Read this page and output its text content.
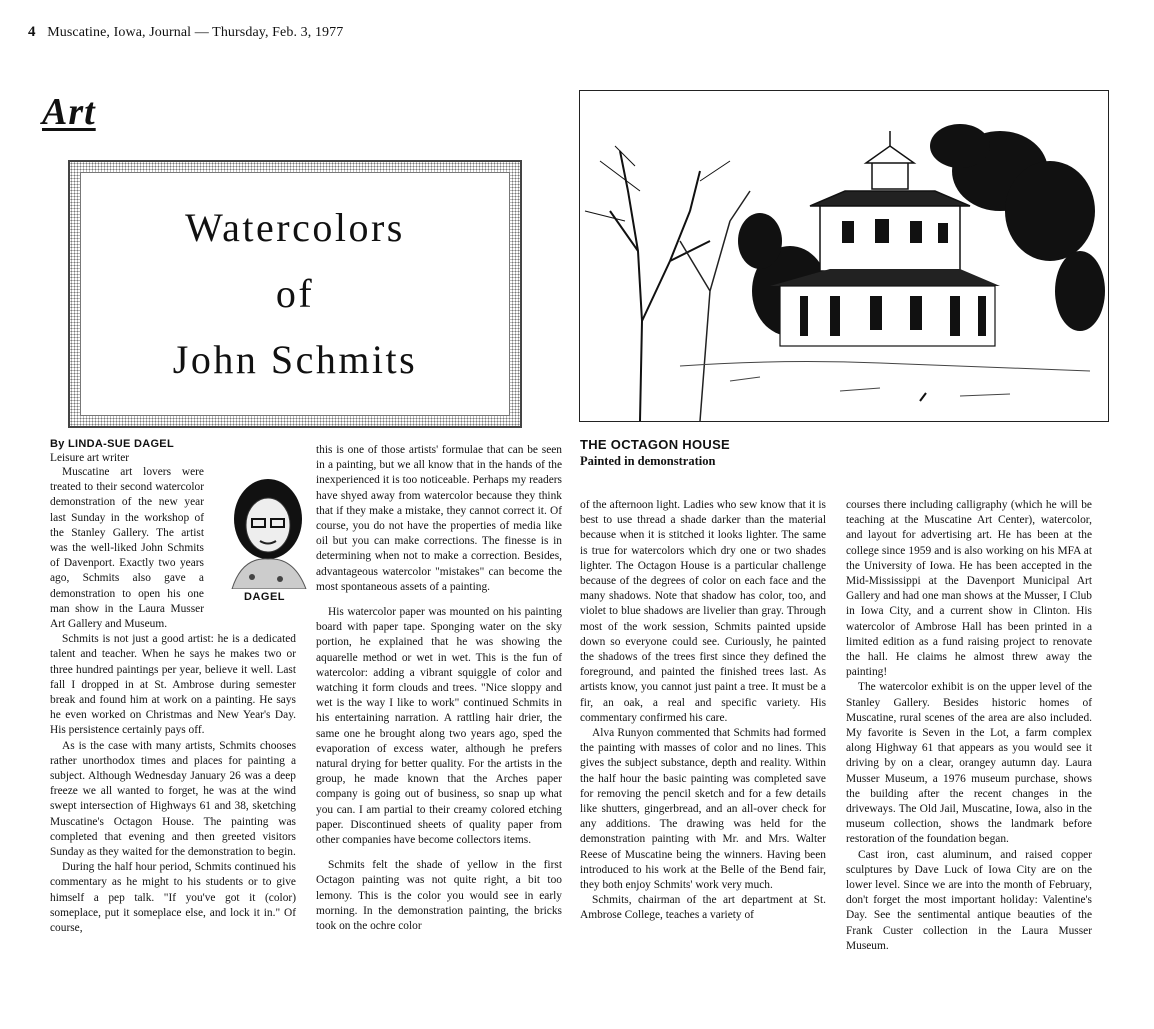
4 Muscatine, Iowa, Journal — Thursday, Feb. 3, 1977
Art
Watercolors
of
John Schmits
THE OCTAGON HOUSE
Painted in demonstration
By LINDA-SUE DAGEL
Leisure art writer

DAGEL
Muscatine art lovers were treated to their second watercolor demonstration of the new year last Sunday in the workshop of the Stanley Gallery. The artist was the well-liked John Schmits of Davenport. Exactly two years ago, Schmits also gave a demonstration to open his one man show in the Laura Musser Art Gallery and Museum.

Schmits is not just a good artist: he is a dedicated talent and teacher. When he says he makes two or three hundred paintings per year, believe it well. Last fall I dropped in at St. Ambrose during semester break and found him at work on a painting. He says he even worked on Christmas and New Year's Day. His persistence certainly pays off.

As is the case with many artists, Schmits chooses rather unorthodox times and places for painting a subject. Although Wednesday January 26 was a deep freeze we all wanted to forget, he was at the wind swept intersection of Highways 61 and 38, sketching Muscatine's Octagon House. The painting was completed that evening and then greeted visitors Sunday as they waited for the demonstration to begin.

During the half hour period, Schmits continued his commentary as he might to his students or to give himself a pep talk. "If you've got it (color) someplace, put it someplace else, and lock it in." Of course,

this is one of those artists' formulae that can be seen in a painting, but we all know that in the hands of the inexperienced it is too noticeable. Perhaps my readers have shyed away from watercolor because they think that if they make a mistake, they cannot correct it. Of course, you do not have the properties of media like oil but you can make corrections. The finesse is in determining when not to make a correction. Besides, advantageous watercolor "mistakes" can become the most spontaneous assets of a painting.

His watercolor paper was mounted on his painting board with paper tape. Sponging water on the sky portion, he explained that he was showing the aquarelle method or wet in wet. This is the fun of watercolor: adding a vibrant squiggle of color and watching it form clouds and trees. "Nice sloppy and wet is the way I like to work" continued Schmits in his entertaining narration. A rattling hair drier, the same one he brought along two years ago, sped the evaporation of excess water, although he prefers natural drying for better quality. For the artists in the group, he made known that the Arches paper company is going out of business, so snap up what you can. I am partial to their creamy colored etching paper. Discontinued sheets of quality paper from other companies have become collectors items.

Schmits felt the shade of yellow in the first Octagon painting was not quite right, a bit too lemony. This is the color you would see in early morning. In the demonstration painting, the bricks took on the ochre color

of the afternoon light. Ladies who sew know that it is best to use thread a shade darker than the material because when it is stitched it looks lighter. The same is true for watercolors which dry one or two shades lighter. The Octagon House is a particular challenge because of the degrees of color on each face and the many shadows. Note that shadow has color, too, and violet to blue shadows are livelier than gray. Through most of the work session, Schmits painted upside down so everyone could see. Curiously, he painted the shadows of the trees first since they defined the foreground, and painted the finished trees last. As artists know, you cannot just paint a tree. It must be a fir, an oak, a real and specific variety. His commentary confirmed his care.

Alva Runyon commented that Schmits had formed the painting with masses of color and no lines. This gives the subject substance, depth and reality. Within the half hour the basic painting was completed save for removing the pencil sketch and for a few details like shutters, gingerbread, and an all-over check for any additions. The drawing was held for the demonstration painting with Mr. and Mrs. Walter Reese of Muscatine being the winners. Having been introduced to his work at the Belle of the Bend fair, they both enjoy Schmits' work very much.

Schmits, chairman of the art department at St. Ambrose College, teaches a variety of

courses there including calligraphy (which he will be teaching at the Muscatine Art Center), watercolor, and layout for advertising art. He has been at the college since 1959 and is also working on his MFA at the University of Iowa. He has been accepted in the Mid-Mississippi at the Davenport Municipal Art Gallery and had one man shows at the Musser, I Club in Iowa City, and a current show in Clinton. His watercolor of Ambrose Hall has been printed in a limited edition as a fund raising project to renovate the hall. He claims he almost threw away the painting!

The watercolor exhibit is on the upper level of the Stanley Gallery. Besides historic homes of Muscatine, rural scenes of the area are also included. My favorite is Seven in the Lot, a farm complex along Highway 61 that appears as you would see it driving by on a clear, orangey autumn day. Laura Musser Museum, a 1976 museum purchase, shows the building after the recent changes in the driveways. The Old Jail, Muscatine, Iowa, also in the museum collection, shows the landmark before restoration of the foundation began.

Cast iron, cast aluminum, and raised copper sculptures by Dave Luck of Iowa City are on the lower level. Since we are into the month of February, don't forget the most important holiday: Valentine's Day. See the sentimental antique beauties of the Frank Custer collection in the Laura Musser Museum.
